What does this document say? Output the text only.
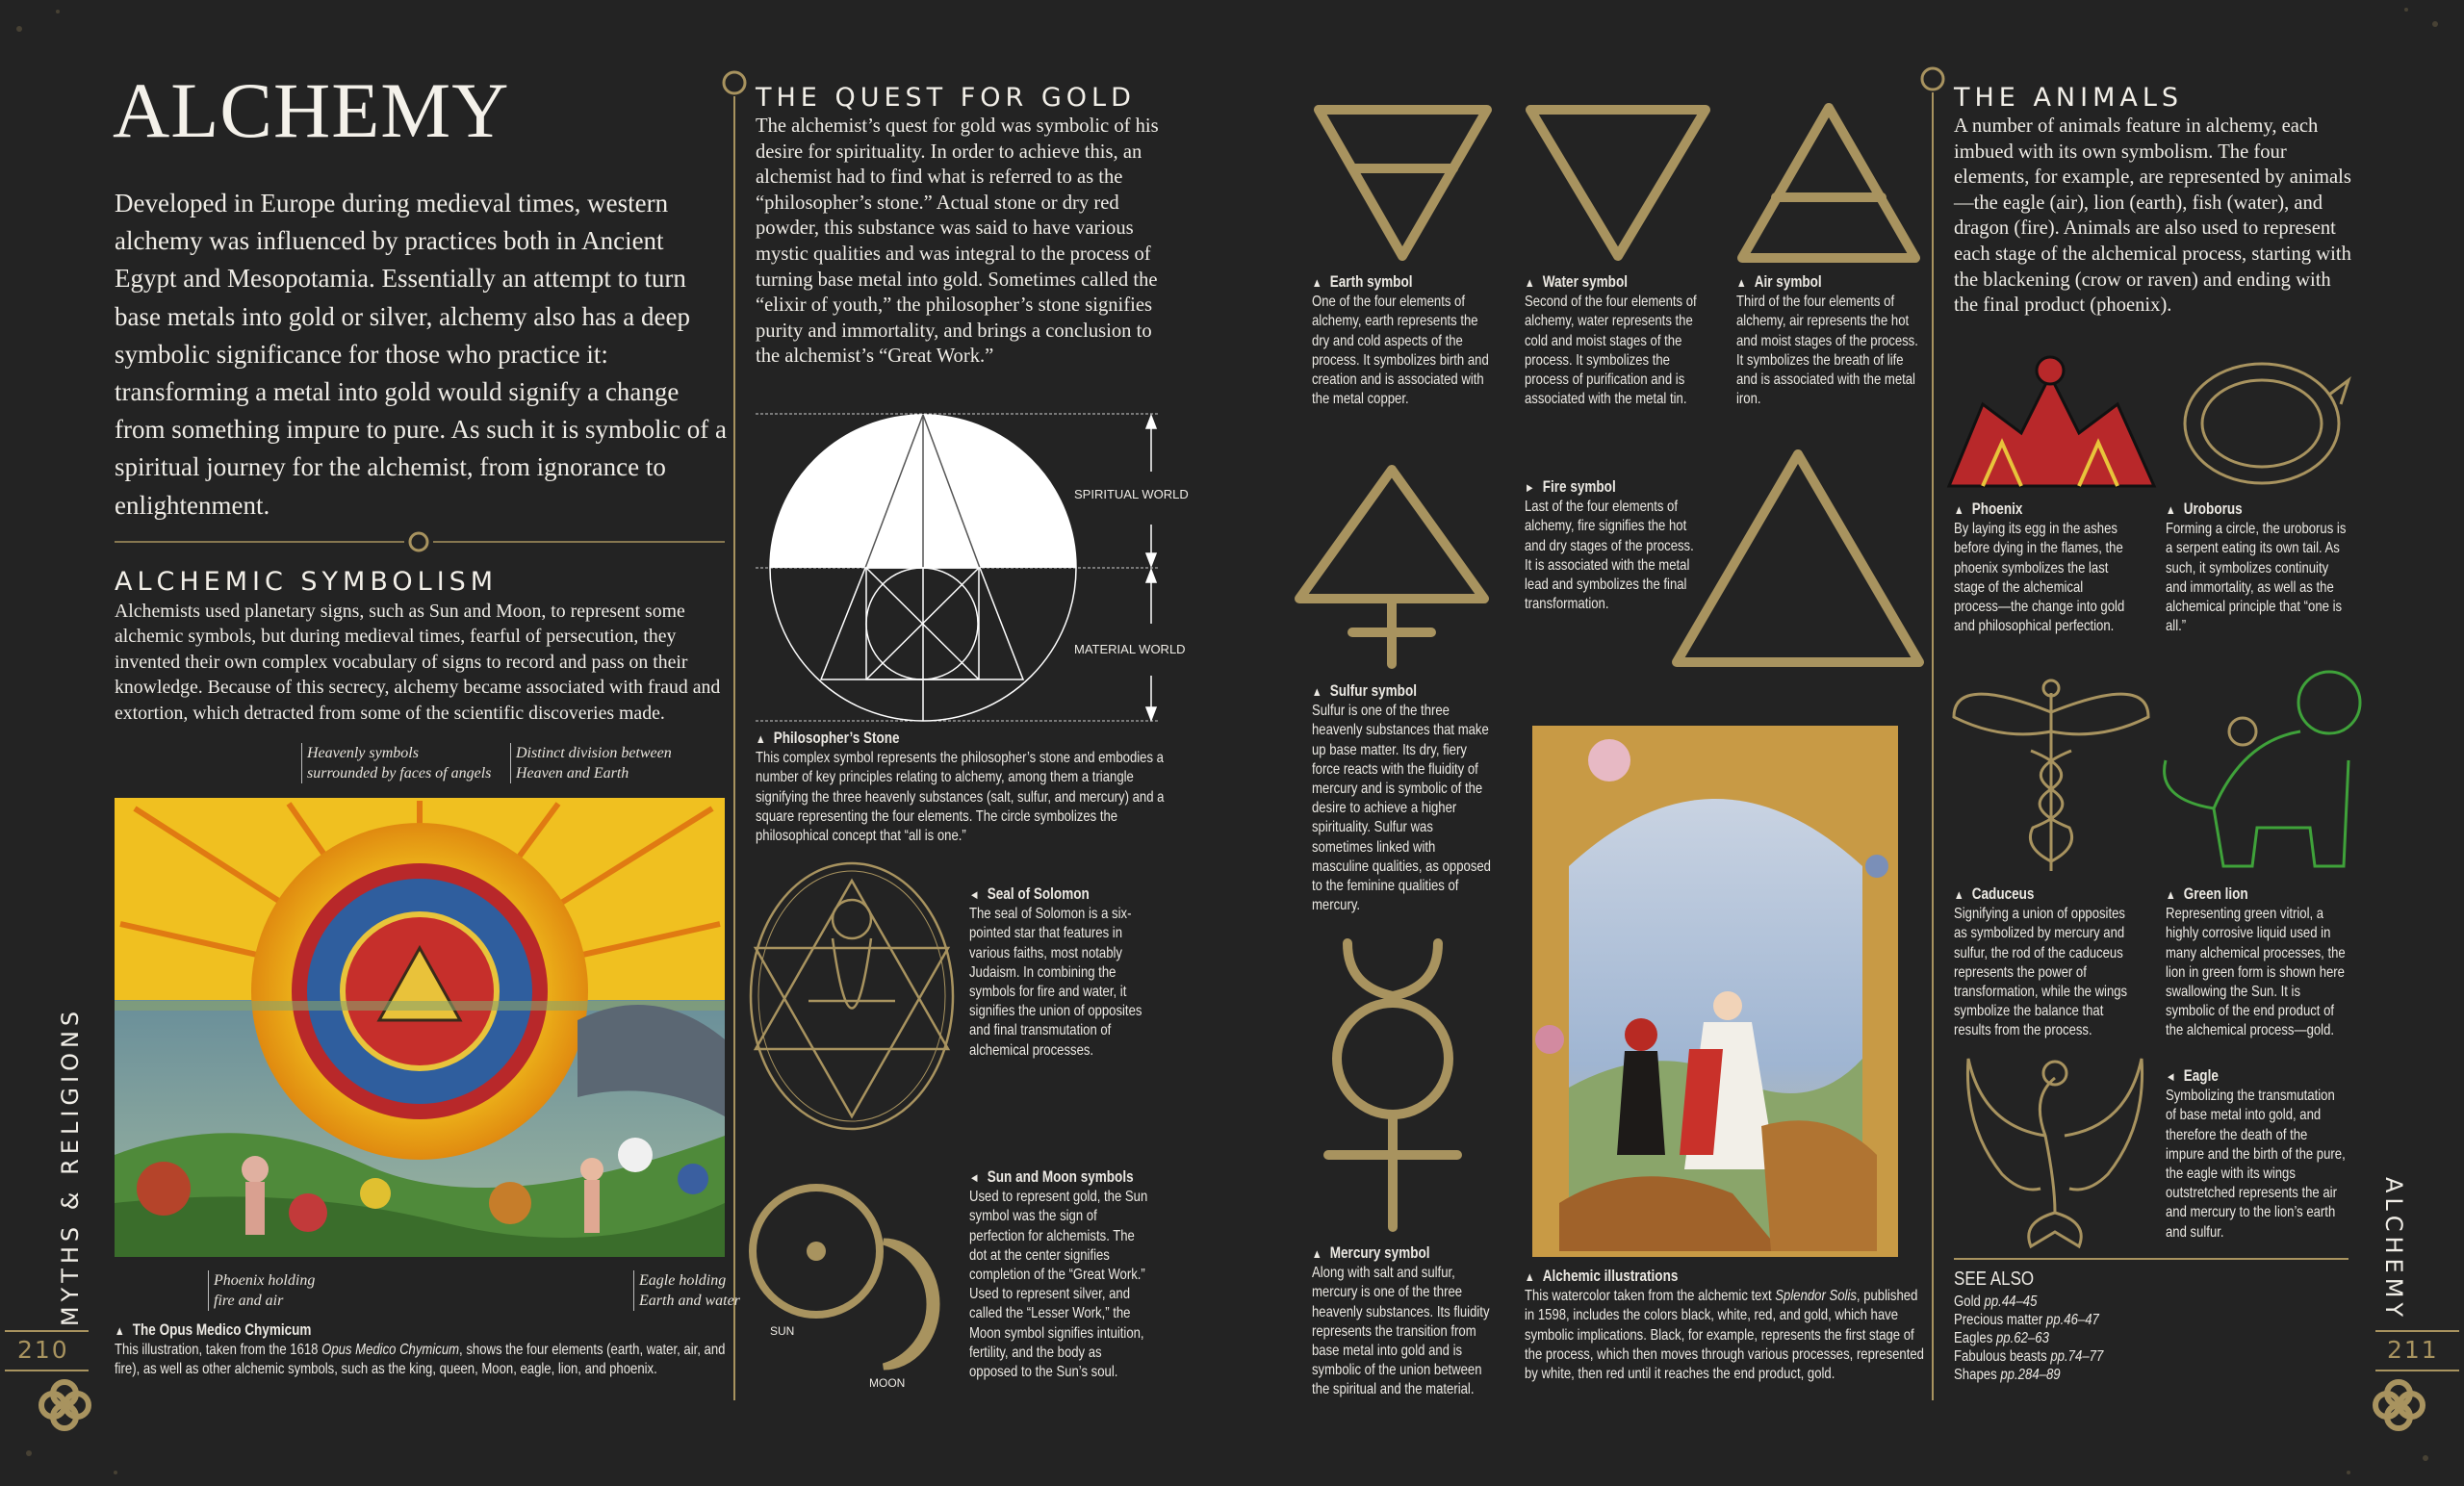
MYTHS & RELIGIONS
210
ALCHEMY
Developed in Europe during medieval times, western alchemy was influenced by practices both in Ancient Egypt and Mesopotamia. Essentially an attempt to turn base metals into gold or silver, alchemy also has a deep symbolic significance for those who practice it: transforming a metal into gold would signify a change from something impure to pure. As such it is symbolic of a spiritual journey for the alchemist, from ignorance to enlightenment.
ALCHEMIC SYMBOLISM
Alchemists used planetary signs, such as Sun and Moon, to represent some alchemic symbols, but during medieval times, fearful of persecution, they invented their own complex vocabulary of signs to record and pass on their knowledge. Because of this secrecy, alchemy became associated with fraud and extortion, which detracted from some of the scientific discoveries made.
Heavenly symbols
surrounded by faces of angels
Distinct division between
Heaven and Earth
Phoenix holding
fire and air
Eagle holding
Earth and water
▲ The Opus Medico Chymicum
This illustration, taken from the 1618 Opus Medico Chymicum, shows the four elements (earth, water, air, and fire), as well as other alchemic symbols, such as the king, queen, Moon, eagle, lion, and phoenix.
THE QUEST FOR GOLD
The alchemist’s quest for gold was symbolic of his desire for spirituality. In order to achieve this, an alchemist had to find what is referred to as the “philosopher’s stone.” Actual stone or dry red powder, this substance was said to have various mystic qualities and was integral to the process of turning base metal into gold. Sometimes called the “elixir of youth,” the philosopher’s stone signifies purity and immortality, and brings a conclusion to the alchemist’s “Great Work.”
SPIRITUAL WORLD
MATERIAL WORLD
▲ Philosopher’s Stone
This complex symbol represents the philosopher’s stone and embodies a number of key principles relating to alchemy, among them a triangle signifying the three heavenly substances (salt, sulfur, and mercury) and a square representing the four elements. The circle symbolizes the philosophical concept that “all is one.”
◄ Seal of Solomon
The seal of Solomon is a six-pointed star that features in various faiths, most notably Judaism. In combining the symbols for fire and water, it signifies the union of opposites and final transmutation of alchemical processes.
SUN
MOON
◄ Sun and Moon symbols
Used to represent gold, the Sun symbol was the sign of perfection for alchemists. The dot at the center signifies completion of the “Great Work.” Used to represent silver, and called the “Lesser Work,” the Moon symbol signifies intuition, fertility, and the body as opposed to the Sun’s soul.
▲ Earth symbol
One of the four elements of alchemy, earth represents the dry and cold aspects of the process. It symbolizes birth and creation and is associated with the metal copper.
▲ Water symbol
Second of the four elements of alchemy, water represents the cold and moist stages of the process. It symbolizes the process of purification and is associated with the metal tin.
▲ Air symbol
Third of the four elements of alchemy, air represents the hot and moist stages of the process. It symbolizes the breath of life and is associated with the metal iron.
► Fire symbol
Last of the four elements of alchemy, fire signifies the hot and dry stages of the process. It is associated with the metal lead and symbolizes the final transformation.
▲ Sulfur symbol
Sulfur is one of the three heavenly substances that make up base matter. Its dry, fiery force reacts with the fluidity of mercury and is symbolic of the desire to achieve a higher spirituality. Sulfur was sometimes linked with masculine qualities, as opposed to the feminine qualities of mercury.
▲ Mercury symbol
Along with salt and sulfur, mercury is one of the three heavenly substances. Its fluidity represents the transition from base metal into gold and is symbolic of the union between the spiritual and the material.
▲ Alchemic illustrations
This watercolor taken from the alchemic text Splendor Solis, published in 1598, includes the colors black, white, red, and gold, which have symbolic implications. Black, for example, represents the first stage of the process, which then moves through various processes, represented by white, then red until it reaches the end product, gold.
THE ANIMALS
A number of animals feature in alchemy, each imbued with its own symbolism. The four elements, for example, are represented by animals—the eagle (air), lion (earth), fish (water), and dragon (fire). Animals are also used to represent each stage of the alchemical process, starting with the blackening (crow or raven) and ending with the final product (phoenix).
▲ Phoenix
By laying its egg in the ashes before dying in the flames, the phoenix symbolizes the last stage of the alchemical process—the change into gold and philosophical perfection.
▲ Uroborus
Forming a circle, the uroborus is a serpent eating its own tail. As such, it symbolizes continuity and immortality, as well as the alchemical principle that “one is all.”
▲ Caduceus
Signifying a union of opposites as symbolized by mercury and sulfur, the rod of the caduceus represents the power of transformation, while the wings symbolize the balance that results from the process.
▲ Green lion
Representing green vitriol, a highly corrosive liquid used in many alchemical processes, the lion in green form is shown here swallowing the Sun. It is symbolic of the end product of the alchemical process—gold.
◄ Eagle
Symbolizing the transmutation of base metal into gold, and therefore the death of the impure and the birth of the pure, the eagle with its wings outstretched represents the air and mercury to the lion’s earth and sulfur.
SEE ALSO
Gold pp.44–45
Precious matter pp.46–47
Eagles pp.62–63
Fabulous beasts pp.74–77
Shapes pp.284–89
ALCHEMY
211
